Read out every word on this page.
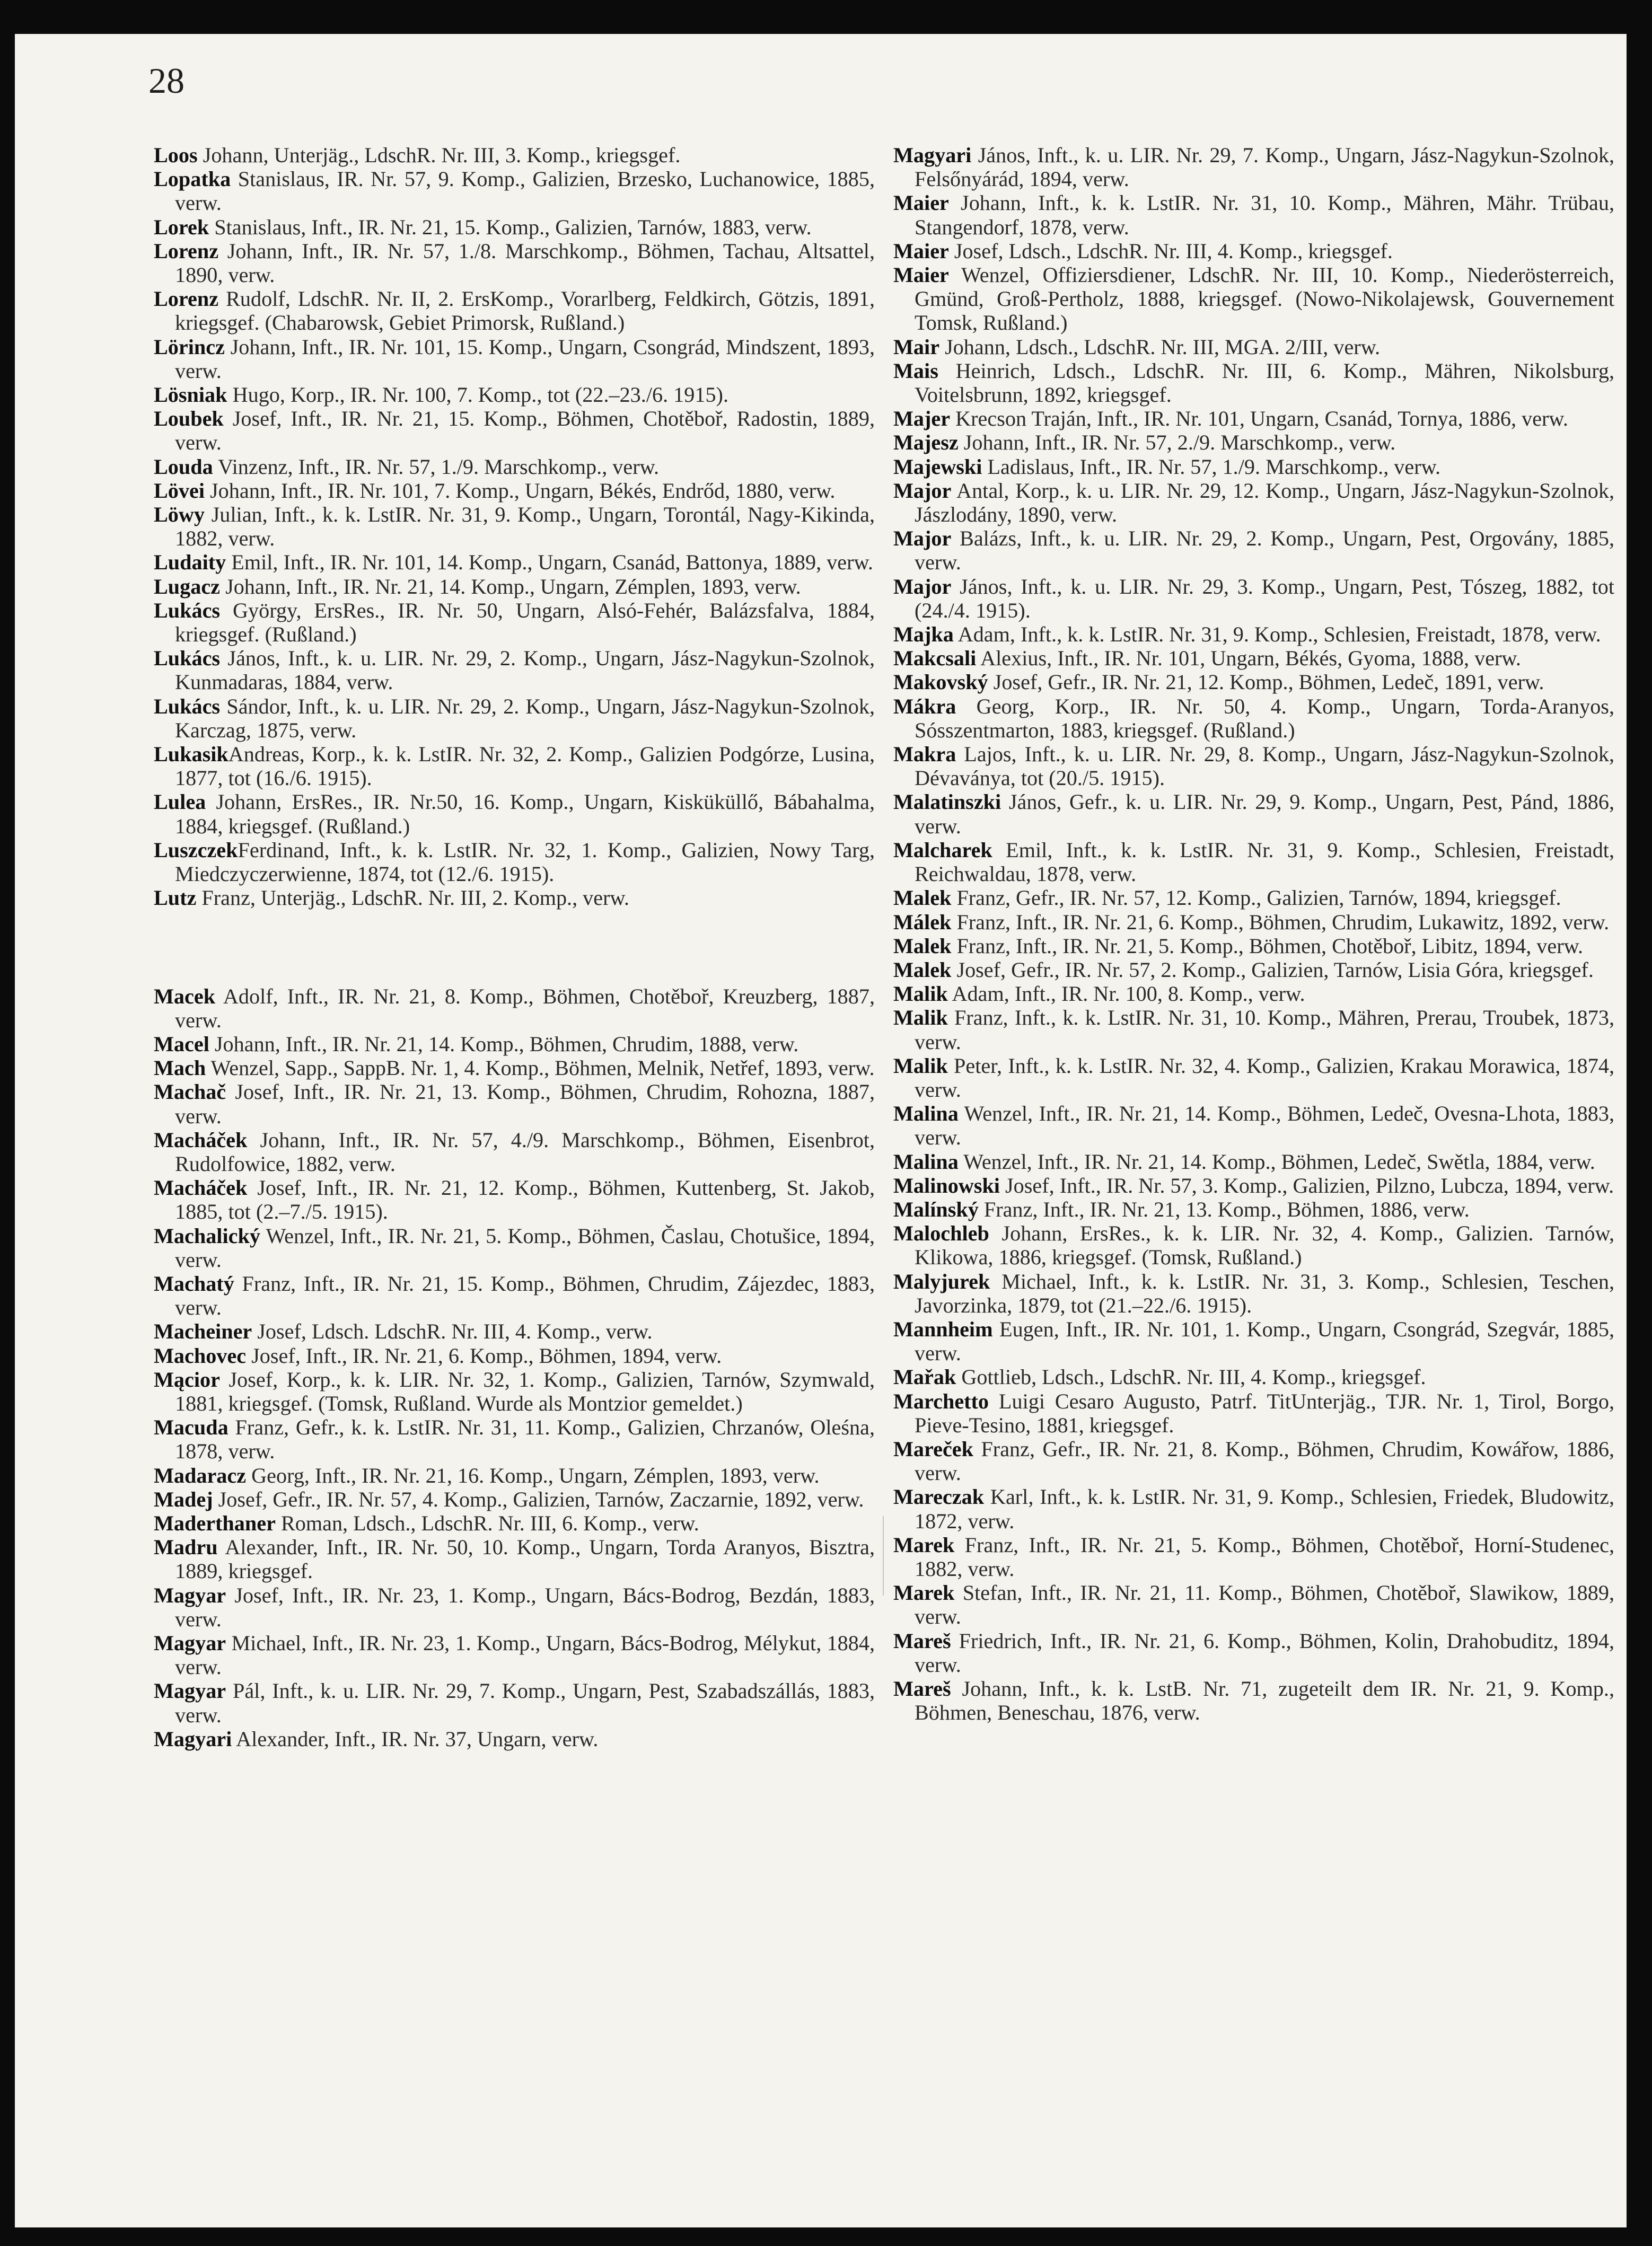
28

Loos Johann, Unterjäg., LdschR. Nr. III, 3. Komp., kriegsgef.

Lopatka Stanislaus, IR. Nr. 57, 9. Komp., Galizien, Brzesko, Luchanowice, 1885, verw.

Lorek Stanislaus, Inft., IR. Nr. 21, 15. Komp., Galizien, Tarnów, 1883, verw.

Lorenz Johann, Inft., IR. Nr. 57, 1./8. Marschkomp., Böhmen, Tachau, Altsattel, 1890, verw.

Lorenz Rudolf, LdschR. Nr. II, 2. ErsKomp., Vorarlberg, Feldkirch, Götzis, 1891, kriegsgef. (Chabarowsk, Gebiet Primorsk, Rußland.)

Lörincz Johann, Inft., IR. Nr. 101, 15. Komp., Ungarn, Csongrád, Mindszent, 1893, verw.

Lösniak Hugo, Korp., IR. Nr. 100, 7. Komp., tot (22.–23./6. 1915).

Loubek Josef, Inft., IR. Nr. 21, 15. Komp., Böhmen, Chotěboř, Radostin, 1889, verw.

Louda Vinzenz, Inft., IR. Nr. 57, 1./9. Marschkomp., verw.

Lövei Johann, Inft., IR. Nr. 101, 7. Komp., Ungarn, Békés, Endrőd, 1880, verw.

Löwy Julian, Inft., k. k. LstIR. Nr. 31, 9. Komp., Ungarn, Torontál, Nagy-Kikinda, 1882, verw.

Ludaity Emil, Inft., IR. Nr. 101, 14. Komp., Ungarn, Csanád, Battonya, 1889, verw.

Lugacz Johann, Inft., IR. Nr. 21, 14. Komp., Ungarn, Zémplen, 1893, verw.

Lukács György, ErsRes., IR. Nr. 50, Ungarn, Alsó-Fehér, Balázsfalva, 1884, kriegsgef. (Rußland.)

Lukács János, Inft., k. u. LIR. Nr. 29, 2. Komp., Ungarn, Jász-Nagykun-Szolnok, Kunmadaras, 1884, verw.

Lukács Sándor, Inft., k. u. LIR. Nr. 29, 2. Komp., Ungarn, Jász-Nagykun-Szolnok, Karczag, 1875, verw.

LukasikAndreas, Korp., k. k. LstIR. Nr. 32, 2. Komp., Galizien Podgórze, Lusina, 1877, tot (16./6. 1915).

Lulea Johann, ErsRes., IR. Nr.50, 16. Komp., Ungarn, Kisküküllő, Bábahalma, 1884, kriegsgef. (Rußland.)

LuszczekFerdinand, Inft., k. k. LstIR. Nr. 32, 1. Komp., Galizien, Nowy Targ, Miedczyczerwienne, 1874, tot (12./6. 1915).

Lutz Franz, Unterjäg., LdschR. Nr. III, 2. Komp., verw.

Macek Adolf, Inft., IR. Nr. 21, 8. Komp., Böhmen, Chotěboř, Kreuzberg, 1887, verw.

Macel Johann, Inft., IR. Nr. 21, 14. Komp., Böhmen, Chrudim, 1888, verw.

Mach Wenzel, Sapp., SappB. Nr. 1, 4. Komp., Böhmen, Melnik, Netřef, 1893, verw.

Machač Josef, Inft., IR. Nr. 21, 13. Komp., Böhmen, Chrudim, Rohozna, 1887, verw.

Macháček Johann, Inft., IR. Nr. 57, 4./9. Marschkomp., Böhmen, Eisenbrot, Rudolfowice, 1882, verw.

Macháček Josef, Inft., IR. Nr. 21, 12. Komp., Böhmen, Kuttenberg, St. Jakob, 1885, tot (2.–7./5. 1915).

Machalický Wenzel, Inft., IR. Nr. 21, 5. Komp., Böhmen, Časlau, Chotušice, 1894, verw.

Machatý Franz, Inft., IR. Nr. 21, 15. Komp., Böhmen, Chrudim, Zájezdec, 1883, verw.

Macheiner Josef, Ldsch. LdschR. Nr. III, 4. Komp., verw.

Machovec Josef, Inft., IR. Nr. 21, 6. Komp., Böhmen, 1894, verw.

Mącior Josef, Korp., k. k. LIR. Nr. 32, 1. Komp., Galizien, Tarnów, Szymwald, 1881, kriegsgef. (Tomsk, Rußland. Wurde als Montzior gemeldet.)

Macuda Franz, Gefr., k. k. LstIR. Nr. 31, 11. Komp., Galizien, Chrzanów, Oleśna, 1878, verw.

Madaracz Georg, Inft., IR. Nr. 21, 16. Komp., Ungarn, Zémplen, 1893, verw.

Madej Josef, Gefr., IR. Nr. 57, 4. Komp., Galizien, Tarnów, Zaczarnie, 1892, verw.

Maderthaner Roman, Ldsch., LdschR. Nr. III, 6. Komp., verw.

Madru Alexander, Inft., IR. Nr. 50, 10. Komp., Ungarn, Torda Aranyos, Bisztra, 1889, kriegsgef.

Magyar Josef, Inft., IR. Nr. 23, 1. Komp., Ungarn, Bács-Bodrog, Bezdán, 1883, verw.

Magyar Michael, Inft., IR. Nr. 23, 1. Komp., Ungarn, Bács-Bodrog, Mélykut, 1884, verw.

Magyar Pál, Inft., k. u. LIR. Nr. 29, 7. Komp., Ungarn, Pest, Szabadszállás, 1883, verw.

Magyari Alexander, Inft., IR. Nr. 37, Ungarn, verw.

Magyari János, Inft., k. u. LIR. Nr. 29, 7. Komp., Ungarn, Jász-Nagykun-Szolnok, Felsőnyárád, 1894, verw.

Maier Johann, Inft., k. k. LstIR. Nr. 31, 10. Komp., Mähren, Mähr. Trübau, Stangendorf, 1878, verw.

Maier Josef, Ldsch., LdschR. Nr. III, 4. Komp., kriegsgef.

Maier Wenzel, Offiziersdiener, LdschR. Nr. III, 10. Komp., Niederösterreich, Gmünd, Groß-Pertholz, 1888, kriegsgef. (Nowo-Nikolajewsk, Gouvernement Tomsk, Rußland.)

Mair Johann, Ldsch., LdschR. Nr. III, MGA. 2/III, verw.

Mais Heinrich, Ldsch., LdschR. Nr. III, 6. Komp., Mähren, Nikolsburg, Voitelsbrunn, 1892, kriegsgef.

Majer Krecson Traján, Inft., IR. Nr. 101, Ungarn, Csanád, Tornya, 1886, verw.

Majesz Johann, Inft., IR. Nr. 57, 2./9. Marschkomp., verw.

Majewski Ladislaus, Inft., IR. Nr. 57, 1./9. Marschkomp., verw.

Major Antal, Korp., k. u. LIR. Nr. 29, 12. Komp., Ungarn, Jász-Nagykun-Szolnok, Jászlodány, 1890, verw.

Major Balázs, Inft., k. u. LIR. Nr. 29, 2. Komp., Ungarn, Pest, Orgovány, 1885, verw.

Major János, Inft., k. u. LIR. Nr. 29, 3. Komp., Ungarn, Pest, Tószeg, 1882, tot (24./4. 1915).

Majka Adam, Inft., k. k. LstIR. Nr. 31, 9. Komp., Schlesien, Freistadt, 1878, verw.

Makcsali Alexius, Inft., IR. Nr. 101, Ungarn, Békés, Gyoma, 1888, verw.

Makovský Josef, Gefr., IR. Nr. 21, 12. Komp., Böhmen, Ledeč, 1891, verw.

Mákra Georg, Korp., IR. Nr. 50, 4. Komp., Ungarn, Torda-Aranyos, Sósszentmarton, 1883, kriegsgef. (Rußland.)

Makra Lajos, Inft., k. u. LIR. Nr. 29, 8. Komp., Ungarn, Jász-Nagykun-Szolnok, Dévaványa, tot (20./5. 1915).

Malatinszki János, Gefr., k. u. LIR. Nr. 29, 9. Komp., Ungarn, Pest, Pánd, 1886, verw.

Malcharek Emil, Inft., k. k. LstIR. Nr. 31, 9. Komp., Schlesien, Freistadt, Reichwaldau, 1878, verw.

Malek Franz, Gefr., IR. Nr. 57, 12. Komp., Galizien, Tarnów, 1894, kriegsgef.

Málek Franz, Inft., IR. Nr. 21, 6. Komp., Böhmen, Chrudim, Lukawitz, 1892, verw.

Malek Franz, Inft., IR. Nr. 21, 5. Komp., Böhmen, Chotěboř, Libitz, 1894, verw.

Malek Josef, Gefr., IR. Nr. 57, 2. Komp., Galizien, Tarnów, Lisia Góra, kriegsgef.

Malik Adam, Inft., IR. Nr. 100, 8. Komp., verw.

Malik Franz, Inft., k. k. LstIR. Nr. 31, 10. Komp., Mähren, Prerau, Troubek, 1873, verw.

Malik Peter, Inft., k. k. LstIR. Nr. 32, 4. Komp., Galizien, Krakau Morawica, 1874, verw.

Malina Wenzel, Inft., IR. Nr. 21, 14. Komp., Böhmen, Ledeč, Ovesna-Lhota, 1883, verw.

Malina Wenzel, Inft., IR. Nr. 21, 14. Komp., Böhmen, Ledeč, Swětla, 1884, verw.

Malinowski Josef, Inft., IR. Nr. 57, 3. Komp., Galizien, Pilzno, Lubcza, 1894, verw.

Malínský Franz, Inft., IR. Nr. 21, 13. Komp., Böhmen, 1886, verw.

Malochleb Johann, ErsRes., k. k. LIR. Nr. 32, 4. Komp., Galizien. Tarnów, Klikowa, 1886, kriegsgef. (Tomsk, Rußland.)

Malyjurek Michael, Inft., k. k. LstIR. Nr. 31, 3. Komp., Schlesien, Teschen, Javorzinka, 1879, tot (21.–22./6. 1915).

Mannheim Eugen, Inft., IR. Nr. 101, 1. Komp., Ungarn, Csongrád, Szegvár, 1885, verw.

Mařak Gottlieb, Ldsch., LdschR. Nr. III, 4. Komp., kriegsgef.

Marchetto Luigi Cesaro Augusto, Patrf. TitUnterjäg., TJR. Nr. 1, Tirol, Borgo, Pieve-Tesino, 1881, kriegsgef.

Mareček Franz, Gefr., IR. Nr. 21, 8. Komp., Böhmen, Chrudim, Kowářow, 1886, verw.

Mareczak Karl, Inft., k. k. LstIR. Nr. 31, 9. Komp., Schlesien, Friedek, Bludowitz, 1872, verw.

Marek Franz, Inft., IR. Nr. 21, 5. Komp., Böhmen, Chotěboř, Horní-Studenec, 1882, verw.

Marek Stefan, Inft., IR. Nr. 21, 11. Komp., Böhmen, Chotěboř, Slawikow, 1889, verw.

Mareš Friedrich, Inft., IR. Nr. 21, 6. Komp., Böhmen, Kolin, Drahobuditz, 1894, verw.

Mareš Johann, Inft., k. k. LstB. Nr. 71, zugeteilt dem IR. Nr. 21, 9. Komp., Böhmen, Beneschau, 1876, verw.
